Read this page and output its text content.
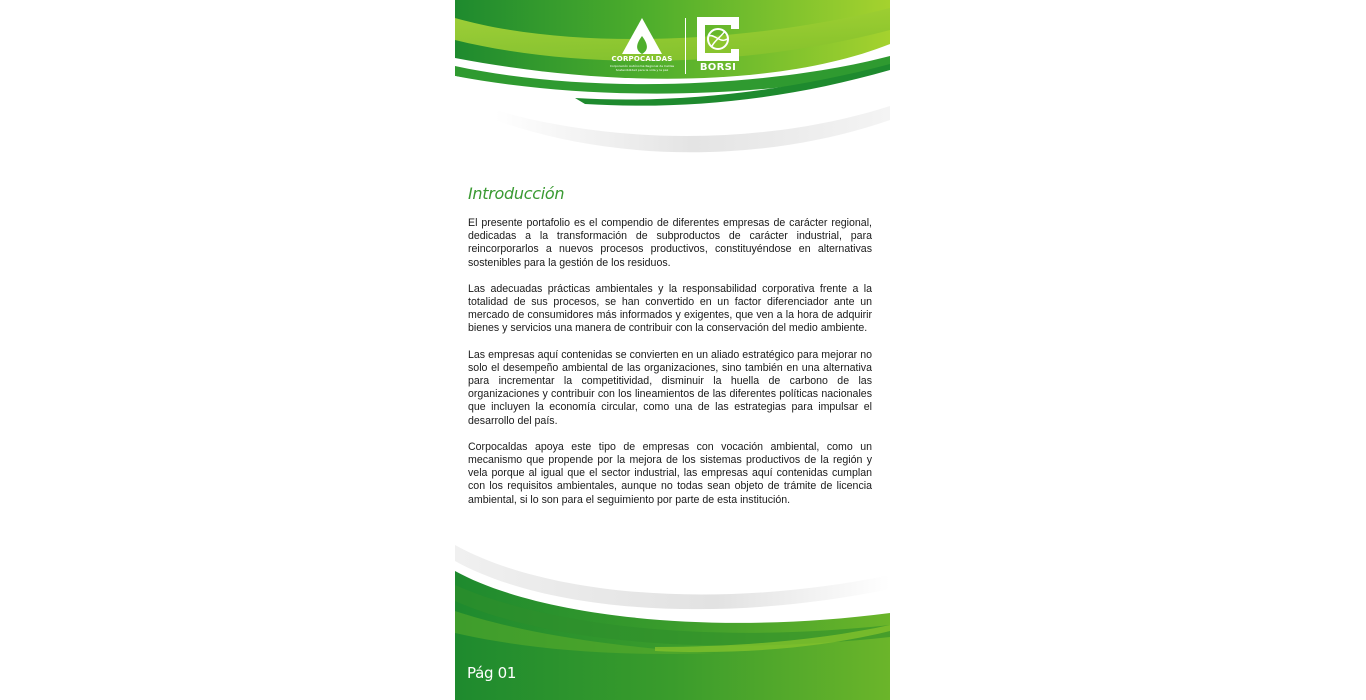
CORPOCALDAS
Corporación Autónoma Regional de Caldas
Sostenibilidad para la vida y la paz	BORSI
Introducción

El presente portafolio es el compendio de diferentes empresas de carácter regional, dedicadas a la transformación de subproductos de carácter industrial, para reincorporarlos a nuevos procesos productivos, constituyéndose en alternativas sostenibles para la gestión de los residuos.

Las adecuadas prácticas ambientales y la responsabilidad corporativa frente a la totalidad de sus procesos, se han convertido en un factor diferenciador ante un mercado de consumidores más informados y exigentes, que ven a la hora de adquirir bienes y servicios una manera de contribuir con la conservación del medio ambiente.

Las empresas aquí contenidas se convierten en un aliado estratégico para mejorar no solo el desempeño ambiental de las organizaciones, sino también en una alternativa para incrementar la competitividad, disminuir la huella de carbono de las organizaciones y contribuir con los lineamientos de las diferentes políticas nacionales que incluyen la economía circular, como una de las estrategias para impulsar el desarrollo del país.

Corpocaldas apoya este tipo de empresas con vocación ambiental, como un mecanismo que propende por la mejora de los sistemas productivos de la región y vela porque al igual que el sector industrial, las empresas aquí contenidas cumplan con los requisitos ambientales, aunque no todas sean objeto de trámite de licencia ambiental, si lo son para el seguimiento por parte de esta institución.

Pág 01
